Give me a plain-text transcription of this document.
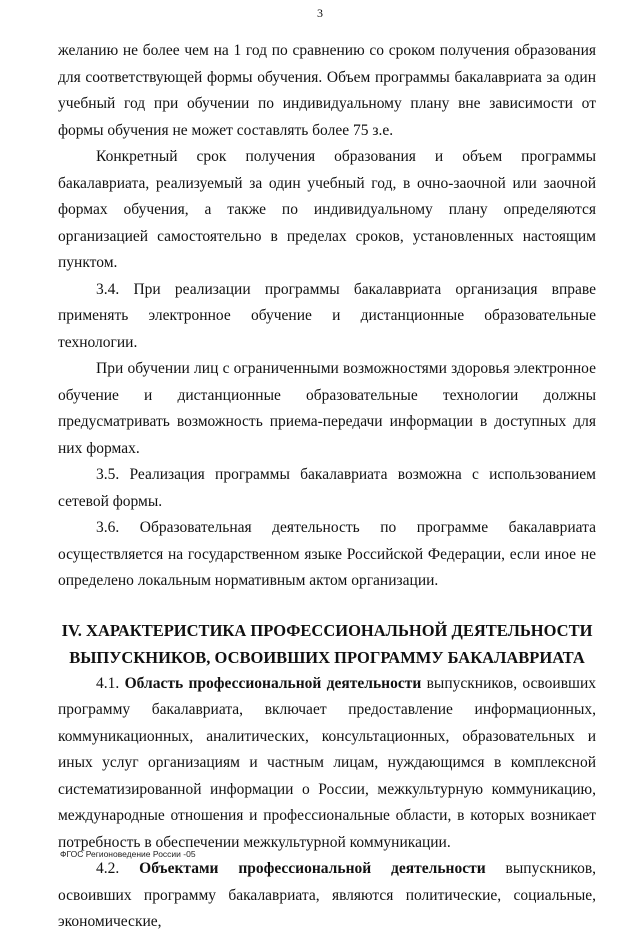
3

желанию не более чем на 1 год по сравнению со сроком получения образования для соответствующей формы обучения. Объем программы бакалавриата за один учебный год при обучении по индивидуальному плану вне зависимости от формы обучения не может составлять более 75 з.е.

Конкретный срок получения образования и объем программы бакалавриата, реализуемый за один учебный год, в очно-заочной или заочной формах обучения, а также по индивидуальному плану определяются организацией самостоятельно в пределах сроков, установленных настоящим пунктом.

3.4. При реализации программы бакалавриата организация вправе применять электронное обучение и дистанционные образовательные технологии.

При обучении лиц с ограниченными возможностями здоровья электронное обучение и дистанционные образовательные технологии должны предусматривать возможность приема-передачи информации в доступных для них формах.

3.5. Реализация программы бакалавриата возможна с использованием сетевой формы.

3.6. Образовательная деятельность по программе бакалавриата осуществляется на государственном языке Российской Федерации, если иное не определено локальным нормативным актом организации.

IV. ХАРАКТЕРИСТИКА ПРОФЕССИОНАЛЬНОЙ ДЕЯТЕЛЬНОСТИ
ВЫПУСКНИКОВ, ОСВОИВШИХ ПРОГРАММУ БАКАЛАВРИАТА

4.1. Область профессиональной деятельности выпускников, освоивших программу бакалавриата, включает предоставление информационных, коммуникационных, аналитических, консультационных, образовательных и иных услуг организациям и частным лицам, нуждающимся в комплексной систематизированной информации о России, межкультурную коммуникацию, международные отношения и профессиональные области, в которых возникает потребность в обеспечении межкультурной коммуникации.

4.2. Объектами профессиональной деятельности выпускников, освоивших программу бакалавриата, являются политические, социальные, экономические,

ФГОС Регионоведение России -05
